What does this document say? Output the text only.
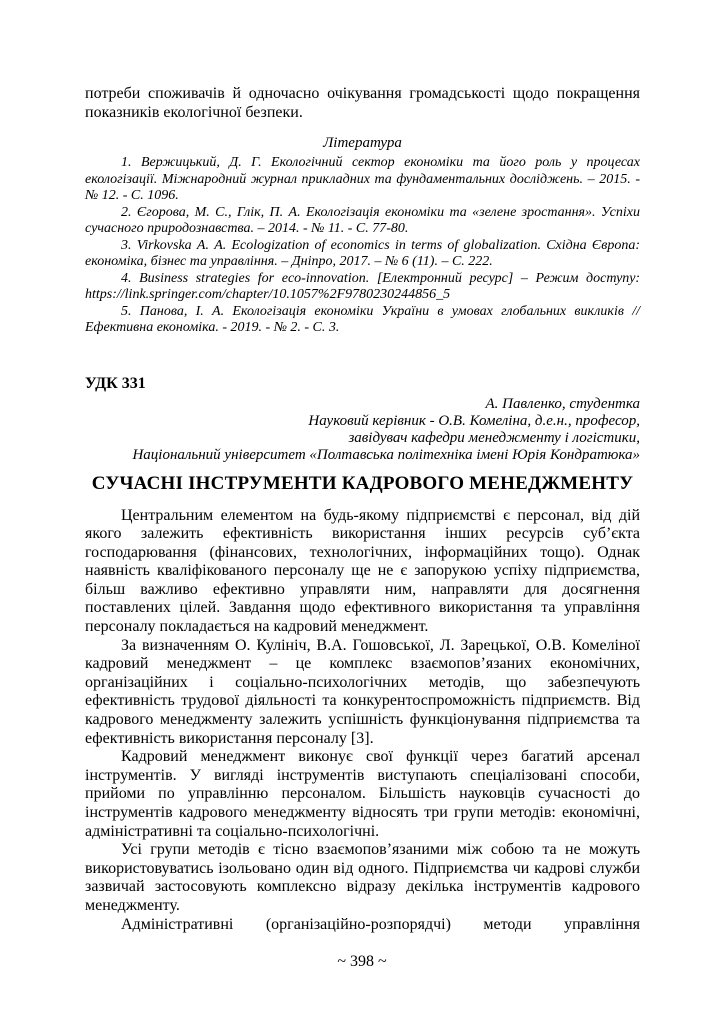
потреби споживачів й одночасно очікування громадськості щодо покращення показників екологічної безпеки.

Література

1. Вержицький, Д. Г. Екологічний сектор економіки та його роль у процесах екологізації. Міжнародний журнал прикладних та фундаментальних досліджень. – 2015. - № 12. - С. 1096.

2. Єгорова, М. С., Глік, П. А. Екологізація економіки та «зелене зростання». Успіхи сучасного природознавства. – 2014. - № 11. - С. 77-80.

3. Virkovska А. А. Ecologization of economics in terms of globalization. Східна Європа: економіка, бізнес та управління. – Дніпро, 2017. – № 6 (11). – С. 222.

4. Business strategies for eco-innovation. [Електронний ресурс] – Режим доступу: https://link.springer.com/chapter/10.1057%2F9780230244856_5

5. Панова, І. А. Екологізація економіки України в умовах глобальних викликів // Ефективна економіка. - 2019. - № 2. - С. 3.

УДК 331

А. Павленко, студентка
Науковий керівник - О.В. Комеліна, д.е.н., професор,
завідувач кафедри менеджменту і логістики,
Національний університет «Полтавська політехніка імені Юрія Кондратюка»
СУЧАСНІ ІНСТРУМЕНТИ КАДРОВОГО МЕНЕДЖМЕНТУ

Центральним елементом на будь-якому підприємстві є персонал, від дій якого залежить ефективність використання інших ресурсів суб’єкта господарювання (фінансових, технологічних, інформаційних тощо). Однак наявність кваліфікованого персоналу ще не є запорукою успіху підприємства, більш важливо ефективно управляти ним, направляти для досягнення поставлених цілей. Завдання щодо ефективного використання та управління персоналу покладається на кадровий менеджмент.

За визначенням О. Кулініч, В.А. Гошовської, Л. Зарецької, О.В. Комеліної кадровий менеджмент – це комплекс взаємопов’язаних економічних, організаційних і соціально-психологічних методів, що забезпечують ефективність трудової діяльності та конкурентоспроможність підприємств. Від кадрового менеджменту залежить успішність функціонування підприємства та ефективність використання персоналу [3].

Кадровий менеджмент виконує свої функції через багатий арсенал інструментів. У вигляді інструментів виступають спеціалізовані способи, прийоми по управлінню персоналом. Більшість науковців сучасності до інструментів кадрового менеджменту відносять три групи методів: економічні, адміністративні та соціально-психологічні.

Усі групи методів є тісно взаємопов’язаними між собою та не можуть використовуватись ізольовано один від одного. Підприємства чи кадрові служби зазвичай застосовують комплексно відразу декілька інструментів кадрового менеджменту.

Адміністративні (організаційно-розпорядчі) методи управління

~ 398 ~
